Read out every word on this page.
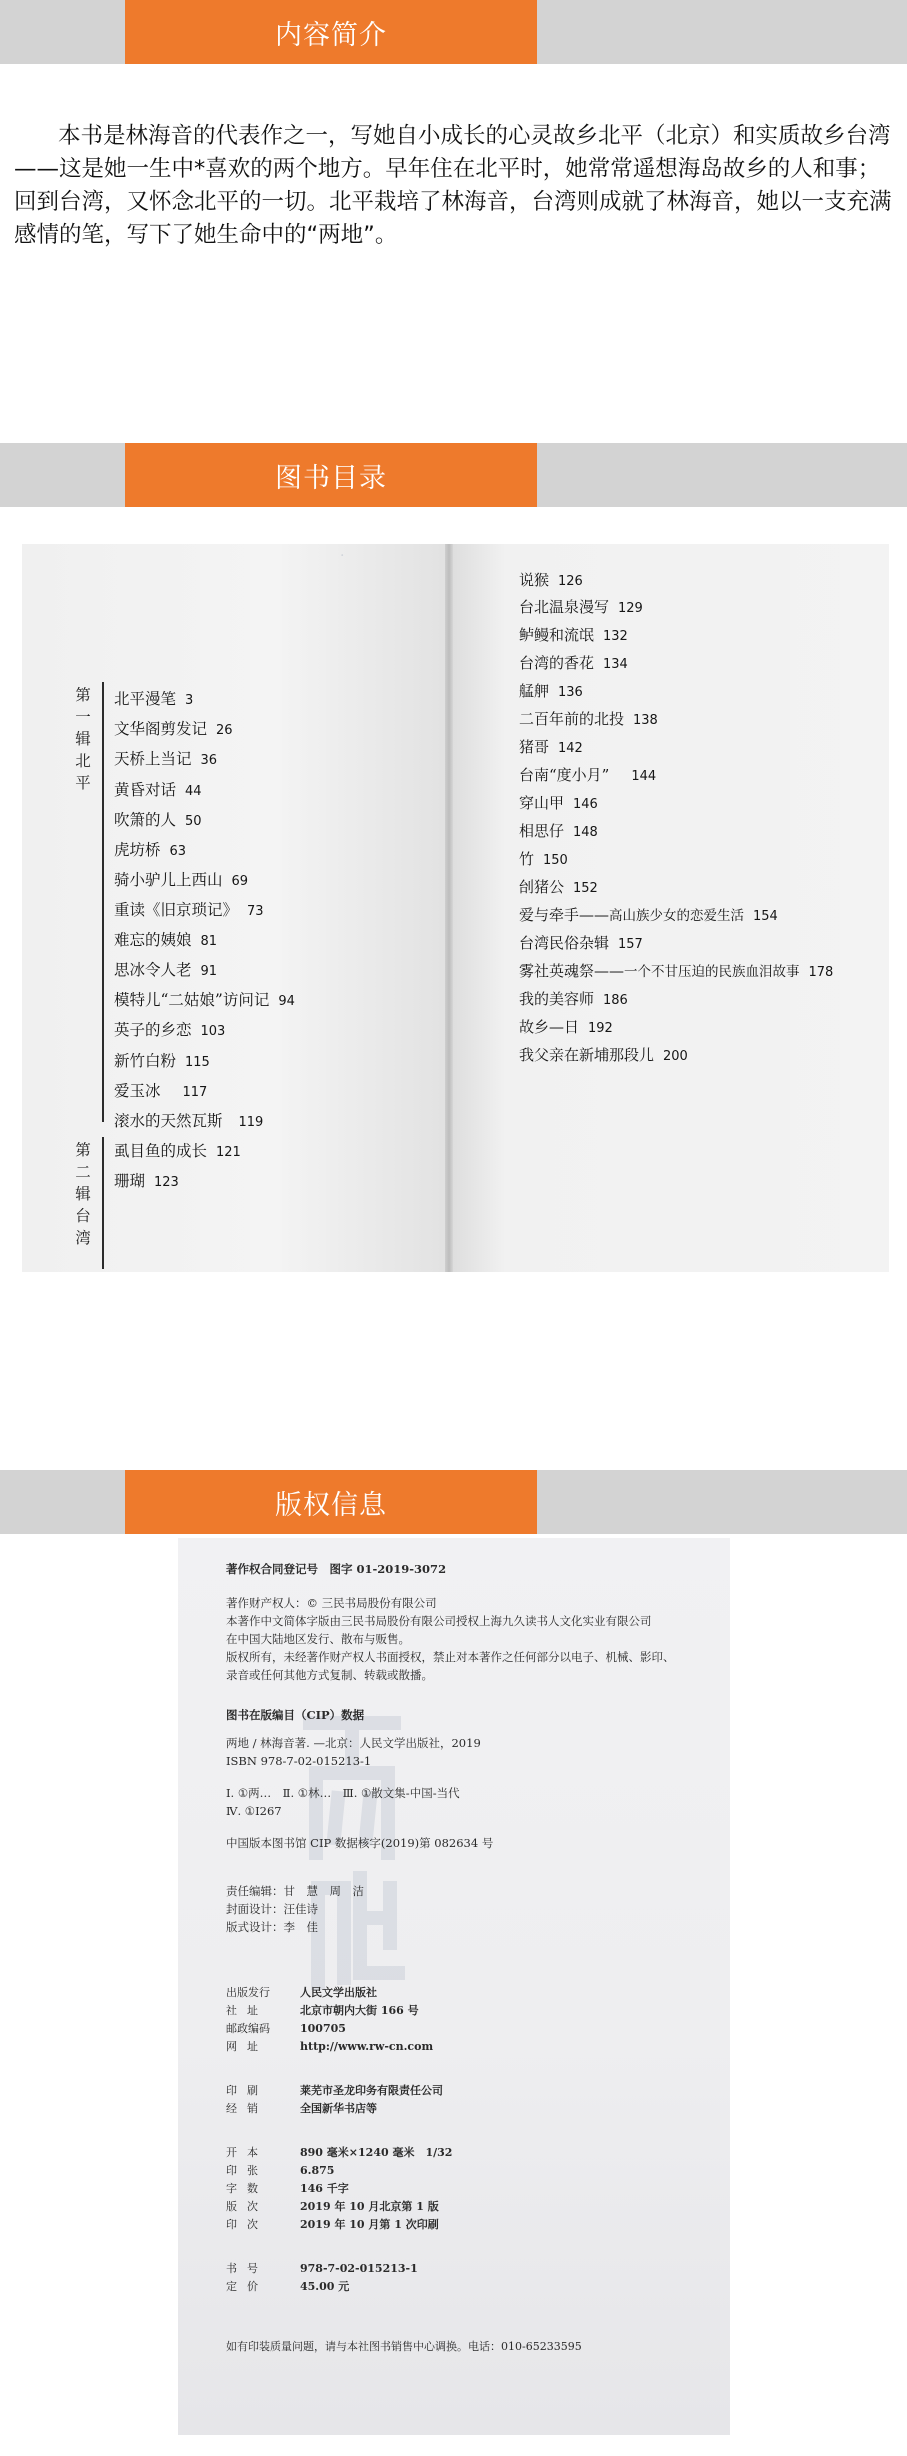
内容简介

本书是林海音的代表作之一，写她自小成长的心灵故乡北平（北京）和实质故乡台湾——这是她一生中*喜欢的两个地方。早年住在北平时，她常常遥想海岛故乡的人和事；回到台湾，又怀念北平的一切。北平栽培了林海音，台湾则成就了林海音，她以一支充满感情的笔，写下了她生命中的“两地”。

图书目录
·
第一辑北平
第二辑台湾
北平漫笔 3
文华阁剪发记 26
天桥上当记 36
黄昏对话 44
吹箫的人 50
虎坊桥 63
骑小驴儿上西山 69
重读《旧京琐记》 73
难忘的姨娘 81
思冰令人老 91
模特儿“二姑娘”访问记 94
英子的乡恋 103
新竹白粉 115
爱玉冰 117
滚水的天然瓦斯 119
虱目鱼的成长 121
珊瑚 123
说猴 126
台北温泉漫写 129
鲈鳗和流氓 132
台湾的香花 134
艋舺 136
二百年前的北投 138
猪哥 142
台南“度小月” 144
穿山甲 146
相思仔 148
竹 150
刣猪公 152
爱与牵手——高山族少女的恋爱生活 154
台湾民俗杂辑 157
雾社英魂祭——一个不甘压迫的民族血泪故事 178
我的美容师 186
故乡—日 192
我父亲在新埔那段儿 200
版权信息
著作权合同登记号　图字 01-2019-3072
著作财产权人：© 三民书局股份有限公司
本著作中文简体字版由三民书局股份有限公司授权上海九久读书人文化实业有限公司
在中国大陆地区发行、散布与贩售。
版权所有，未经著作财产权人书面授权，禁止对本著作之任何部分以电子、机械、影印、
录音或任何其他方式复制、转载或散播。
图书在版编目（CIP）数据
两地 / 林海音著. —北京：人民文学出版社，2019
ISBN 978-7-02-015213-1
Ⅰ. ①两…　Ⅱ. ①林…　Ⅲ. ①散文集-中国-当代
Ⅳ. ①I267
中国版本图书馆 CIP 数据核字(2019)第 082634 号
责任编辑：甘　慧　周　洁
封面设计：汪佳诗
版式设计：李　佳
出版发行	人民文学出版社
社址	北京市朝内大街 166 号
邮政编码	100705
网址	http://www.rw-cn.com
印刷	莱芜市圣龙印务有限责任公司
经销	全国新华书店等
开本	890 毫米×1240 毫米　1/32
印张	6.875
字数	146 千字
版次	2019 年 10 月北京第 1 版
印次	2019 年 10 月第 1 次印刷
书号	978-7-02-015213-1
定价	45.00 元
如有印装质量问题，请与本社图书销售中心调换。电话：010-65233595
